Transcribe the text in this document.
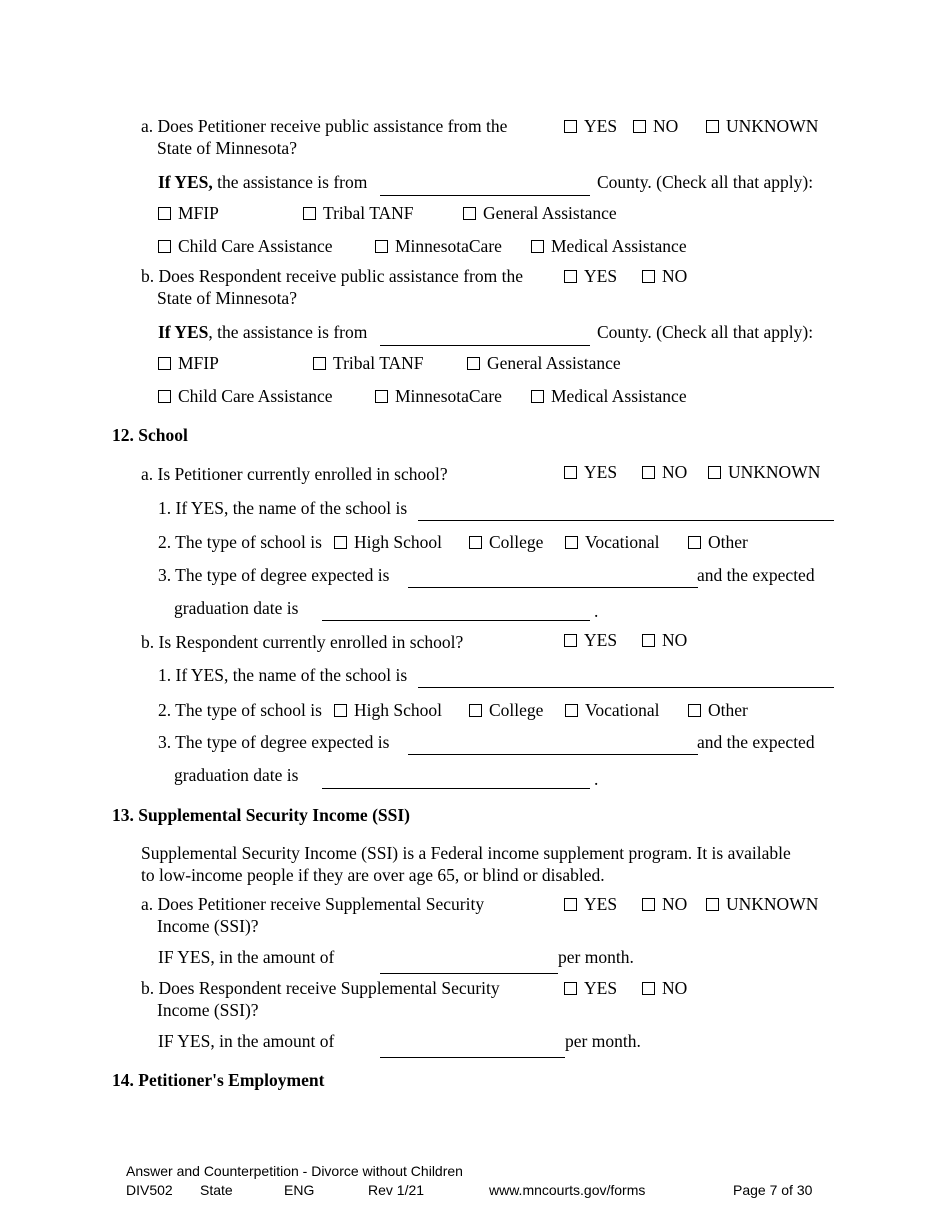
a. Does Petitioner receive public assistance from the
State of Minnesota?
YES	NO	UNKNOWN
If YES, the assistance is from	County. (Check all that apply):
MFIP	Tribal TANF	General Assistance
Child Care Assistance	MinnesotaCare	Medical Assistance
b. Does Respondent receive public assistance from the
State of Minnesota?
YES	NO
If YES, the assistance is from	County. (Check all that apply):
MFIP	Tribal TANF	General Assistance
Child Care Assistance	MinnesotaCare	Medical Assistance
12. School
a. Is Petitioner currently enrolled in school?	YES	NO	UNKNOWN
1. If YES, the name of the school is
2. The type of school is	High School	College	Vocational	Other
3. The type of degree expected is	and the expected
graduation date is	.
b. Is Respondent currently enrolled in school?	YES	NO
1. If YES, the name of the school is
2. The type of school is	High School	College	Vocational	Other
3. The type of degree expected is	and the expected
graduation date is	.
13. Supplemental Security Income (SSI)
Supplemental Security Income (SSI) is a Federal income supplement program. It is available
to low-income people if they are over age 65, or blind or disabled.
a. Does Petitioner receive Supplemental Security
Income (SSI)?
YES	NO	UNKNOWN
IF YES, in the amount of	per month.
b. Does Respondent receive Supplemental Security
Income (SSI)?
YES	NO
IF YES, in the amount of	per month.
14. Petitioner's Employment
Answer and Counterpetition - Divorce without Children
DIV502 State	ENG	Rev 1/21	www.mncourts.gov/forms	Page 7 of 30
